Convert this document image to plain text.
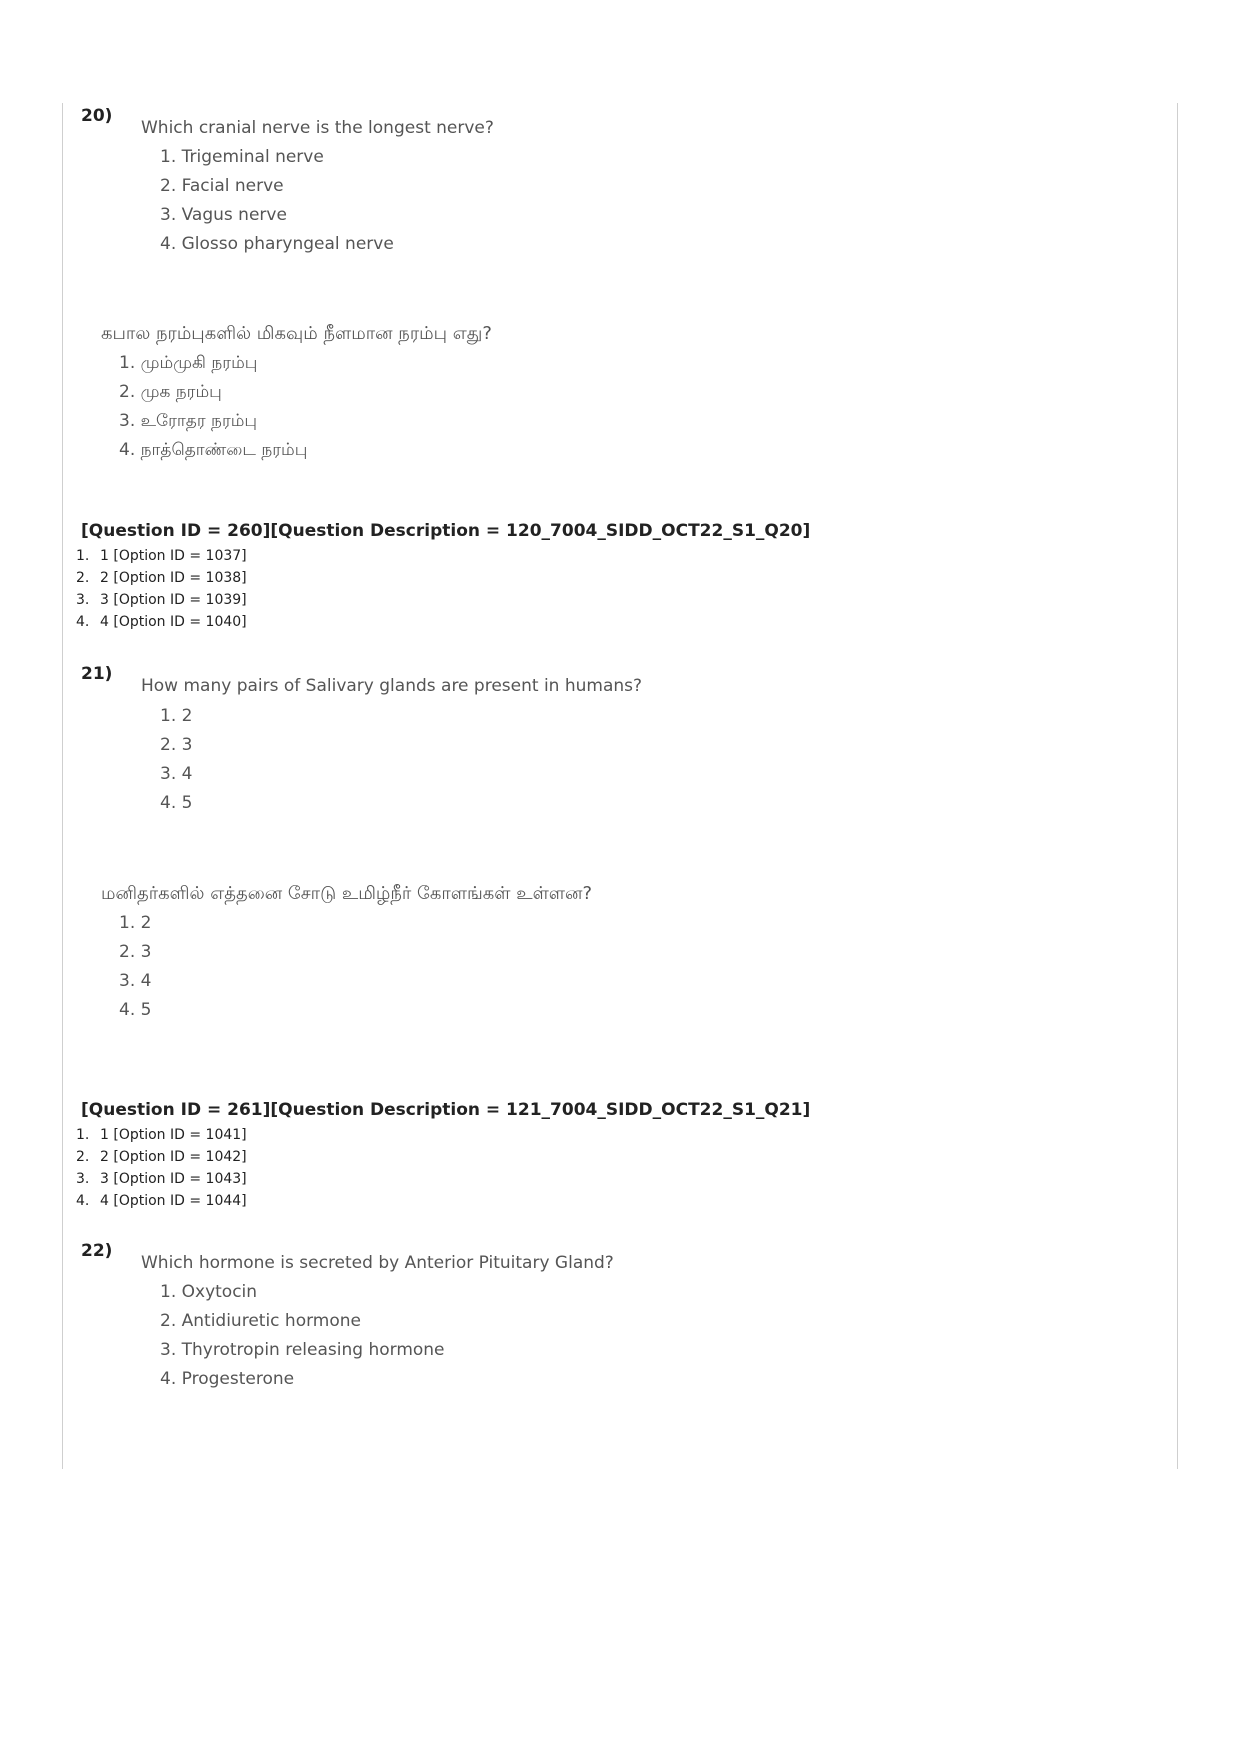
20)

Which cranial nerve is the longest nerve?

1. Trigeminal nerve
2. Facial nerve
3. Vagus nerve
4. Glosso pharyngeal nerve

கபால நரம்புகளில் மிகவும் நீளமான நரம்பு எது?

1. மும்முகி நரம்பு
2. முக நரம்பு
3. உரோதர நரம்பு
4. நாத்தொண்டை நரம்பு

[Question ID = 260][Question Description = 120_7004_SIDD_OCT22_S1_Q20]

1. 1 [Option ID = 1037]
2. 2 [Option ID = 1038]
3. 3 [Option ID = 1039]
4. 4 [Option ID = 1040]
21)

How many pairs of Salivary glands are present in humans?

1. 2
2. 3
3. 4
4. 5

மனிதர்களில் எத்தனை சோடு உமிழ்நீர் கோளங்கள் உள்ளன?

1. 2
2. 3
3. 4
4. 5

[Question ID = 261][Question Description = 121_7004_SIDD_OCT22_S1_Q21]

1. 1 [Option ID = 1041]
2. 2 [Option ID = 1042]
3. 3 [Option ID = 1043]
4. 4 [Option ID = 1044]
22)

Which hormone is secreted by Anterior Pituitary Gland?

1. Oxytocin
2. Antidiuretic hormone
3. Thyrotropin releasing hormone
4. Progesterone
